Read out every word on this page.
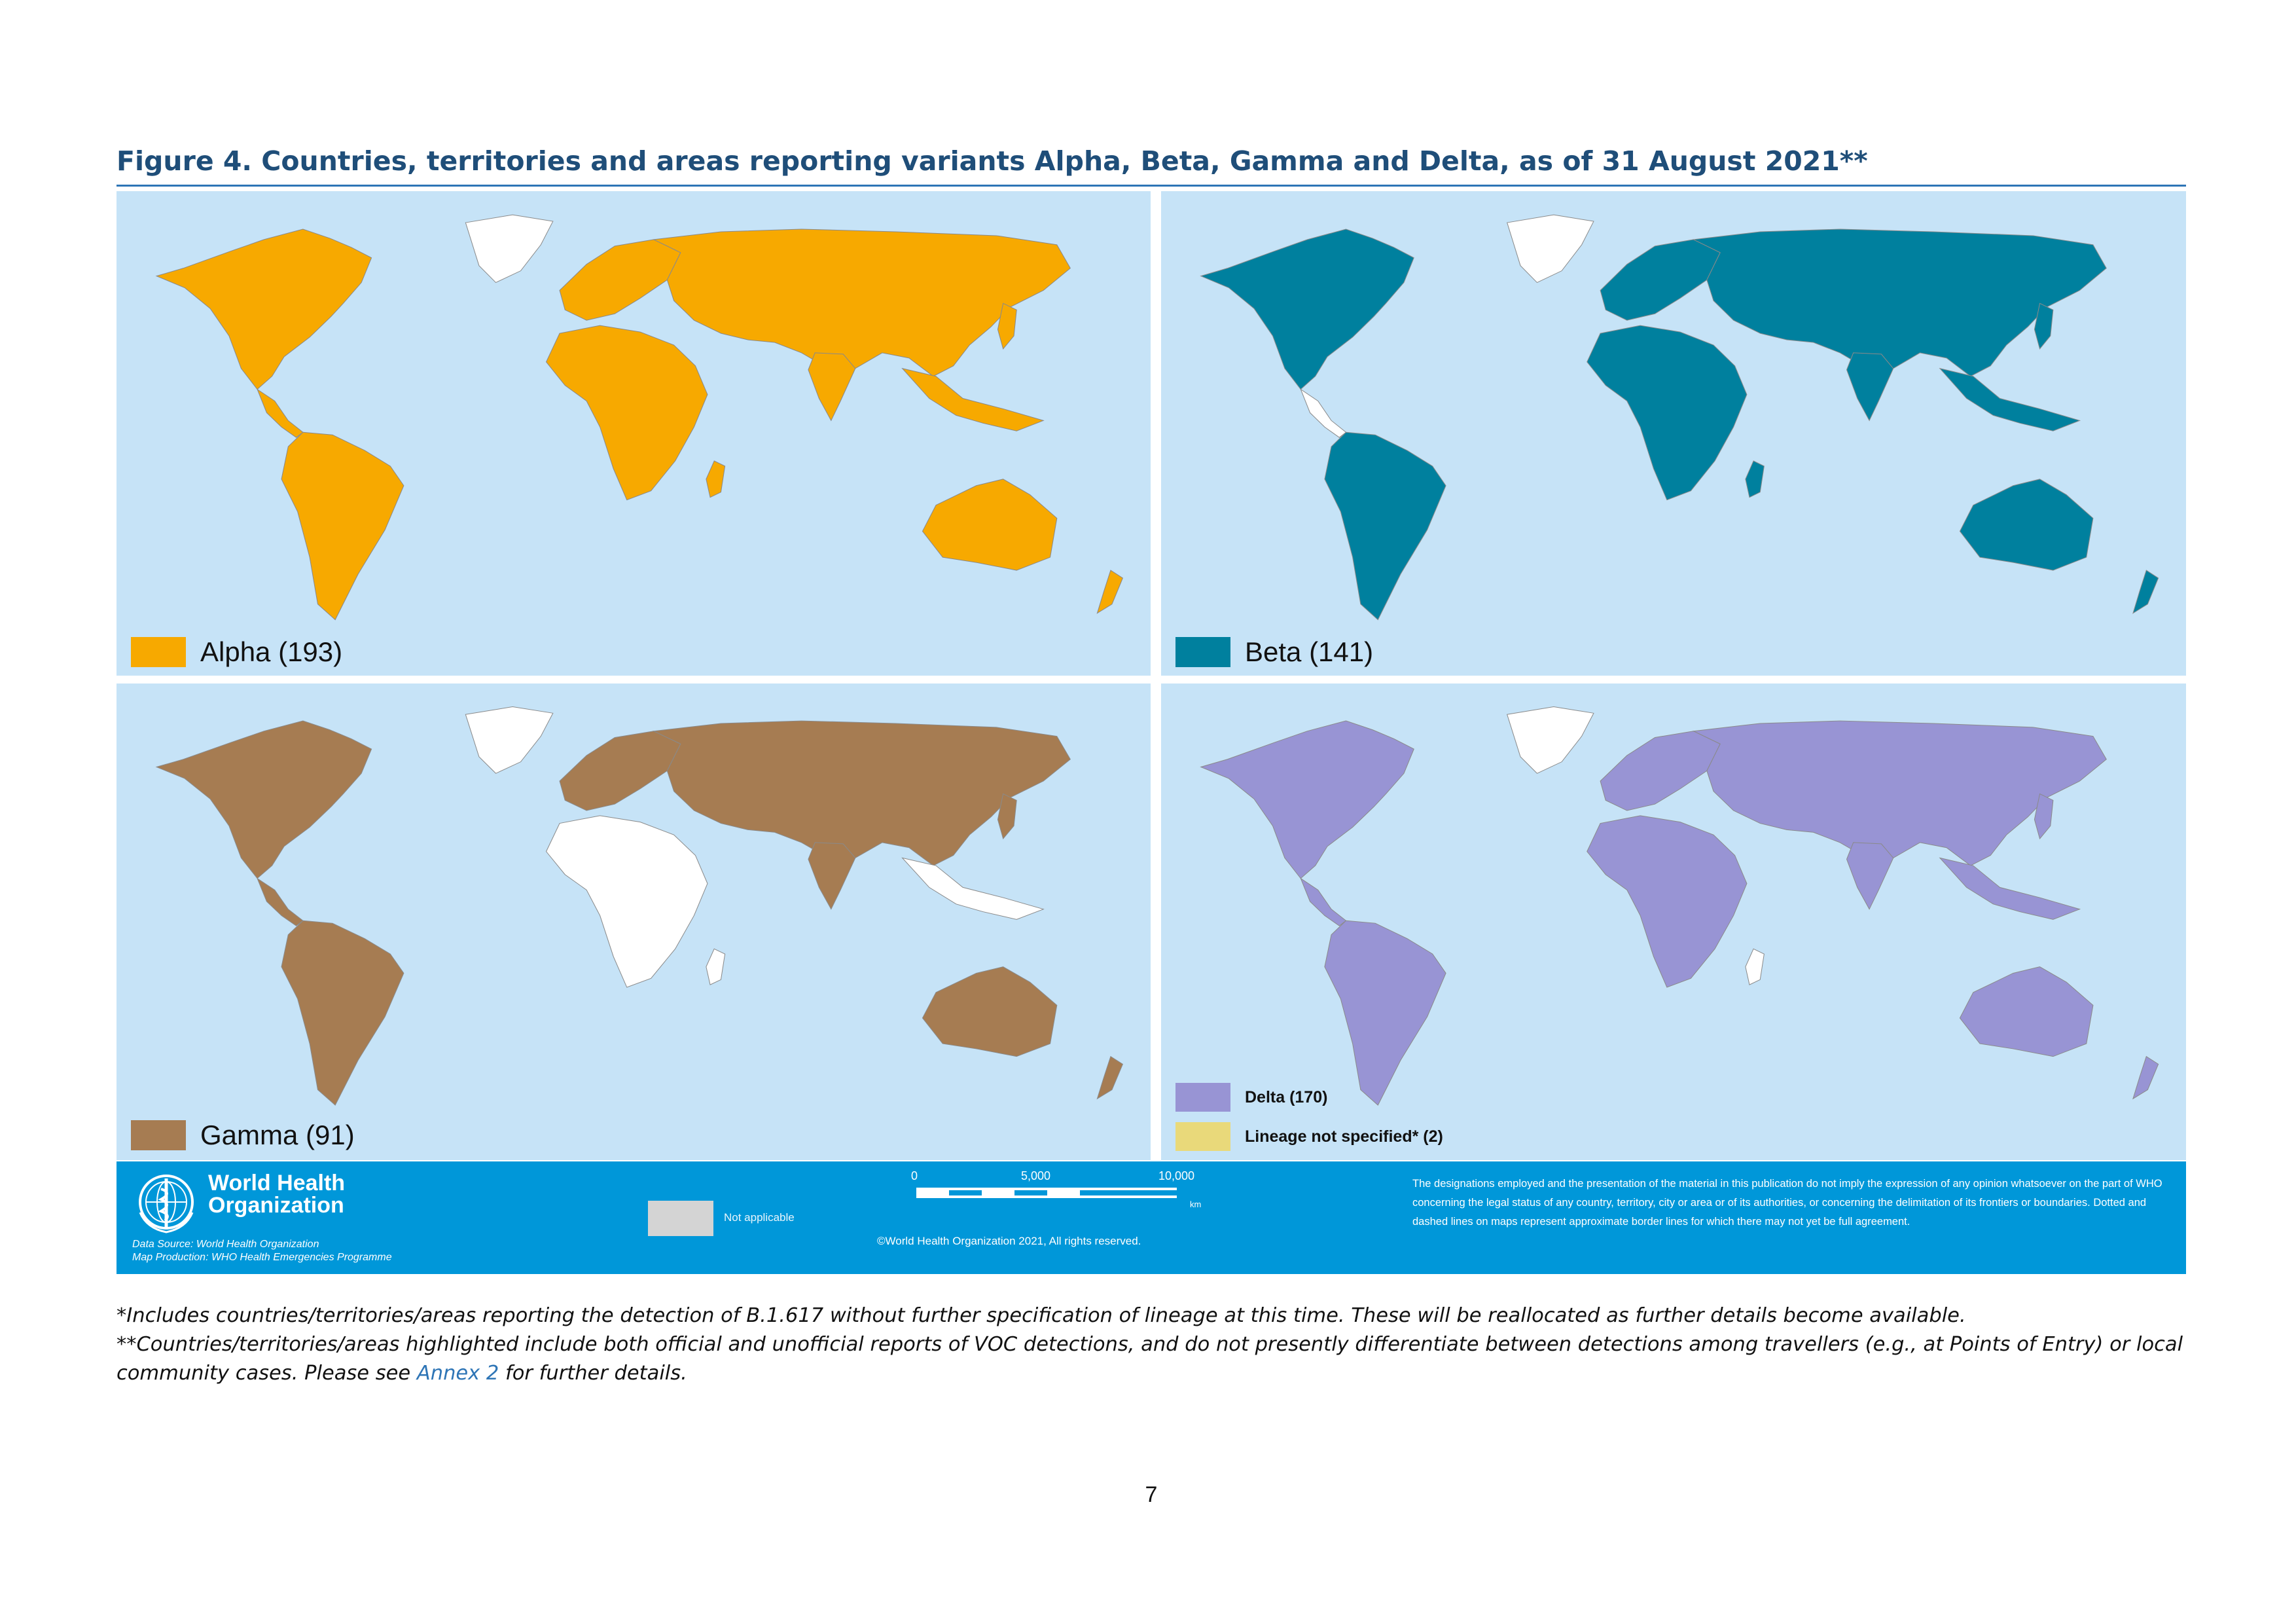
Figure 4. Countries, territories and areas reporting variants Alpha, Beta, Gamma and Delta, as of 31 August 2021**
Alpha (193)	Beta (141)
Gamma (91)
Delta (170)
Lineage not specified* (2)
World Health
Organization
Data Source: World Health Organization
Map Production: WHO Health Emergencies Programme
Not applicable
0	5,000	10,000
km
©World Health Organization 2021, All rights reserved.
The designations employed and the presentation of the material in this publication do not imply the expression of any opinion whatsoever on the part of WHO concerning the legal status of any country, territory, city or area or of its authorities, or concerning the delimitation of its frontiers or boundaries. Dotted and dashed lines on maps represent approximate border lines for which there may not yet be full agreement.
*Includes countries/territories/areas reporting the detection of B.1.617 without further specification of lineage at this time. These will be reallocated as further details become available.
**Countries/territories/areas highlighted include both official and unofficial reports of VOC detections, and do not presently differentiate between detections among travellers (e.g., at Points of Entry) or local
community cases. Please see Annex 2 for further details.
7
